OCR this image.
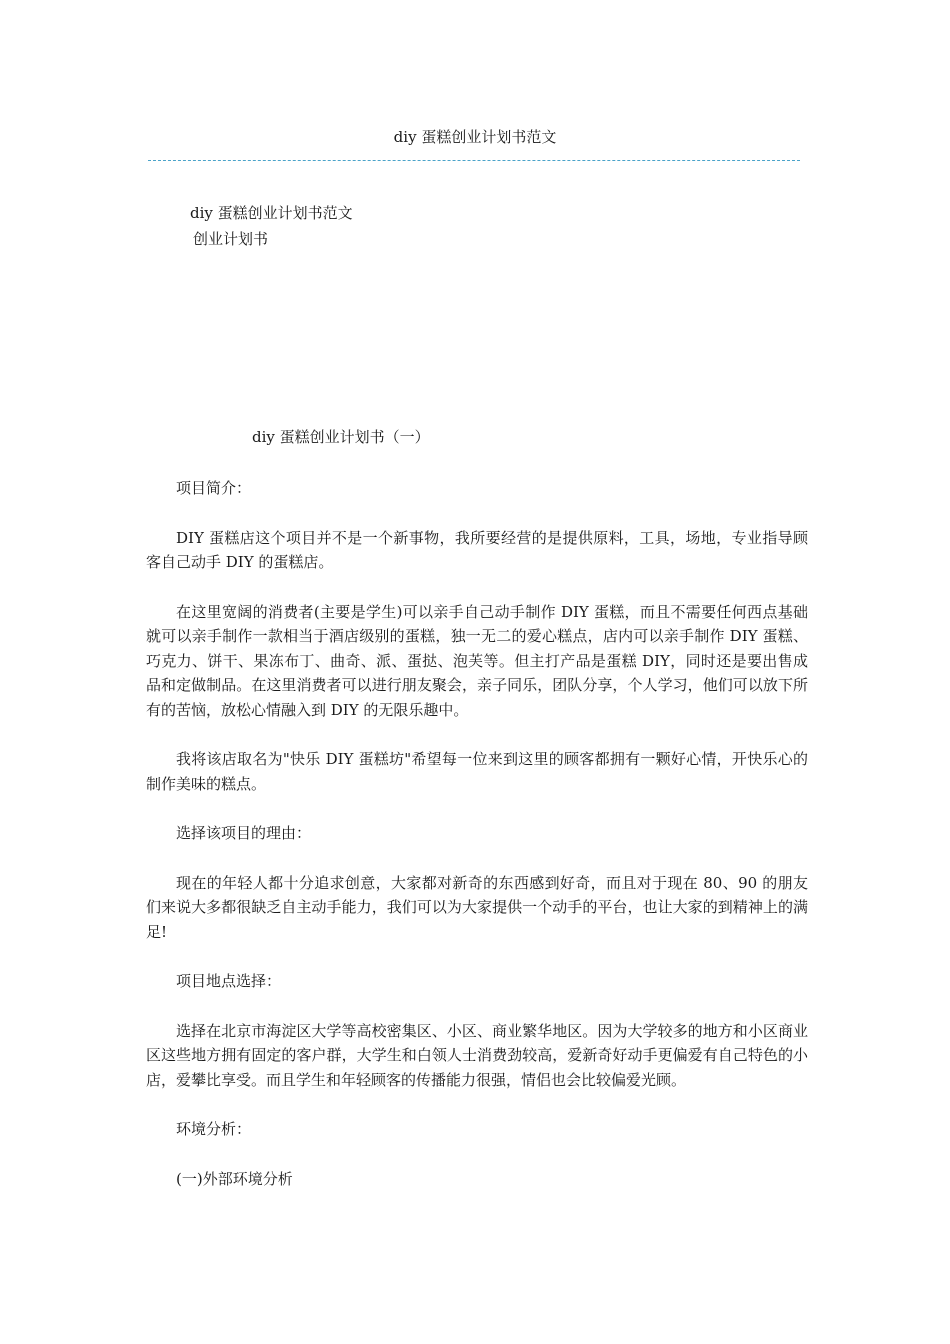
diy 蛋糕创业计划书范文
diy 蛋糕创业计划书范文
创业计划书
diy 蛋糕创业计划书（一）

项目简介：

DIY 蛋糕店这个项目并不是一个新事物，我所要经营的是提供原料，工具，场地，专业指导顾客自己动手 DIY 的蛋糕店。

在这里宽阔的消费者(主要是学生)可以亲手自己动手制作 DIY 蛋糕，而且不需要任何西点基础就可以亲手制作一款相当于酒店级别的蛋糕，独一无二的爱心糕点，店内可以亲手制作 DIY 蛋糕、巧克力、饼干、果冻布丁、曲奇、派、蛋挞、泡芙等。但主打产品是蛋糕 DIY，同时还是要出售成品和定做制品。在这里消费者可以进行朋友聚会，亲子同乐，团队分享，个人学习，他们可以放下所有的苦恼，放松心情融入到 DIY 的无限乐趣中。

我将该店取名为"快乐 DIY 蛋糕坊"希望每一位来到这里的顾客都拥有一颗好心情，开快乐心的制作美味的糕点。

选择该项目的理由：

现在的年轻人都十分追求创意，大家都对新奇的东西感到好奇，而且对于现在 80、90 的朋友们来说大多都很缺乏自主动手能力，我们可以为大家提供一个动手的平台，也让大家的到精神上的满足!

项目地点选择：

选择在北京市海淀区大学等高校密集区、小区、商业繁华地区。因为大学较多的地方和小区商业区这些地方拥有固定的客户群，大学生和白领人士消费劲较高，爱新奇好动手更偏爱有自己特色的小店，爱攀比享受。而且学生和年轻顾客的传播能力很强，情侣也会比较偏爱光顾。

环境分析：

(一)外部环境分析
